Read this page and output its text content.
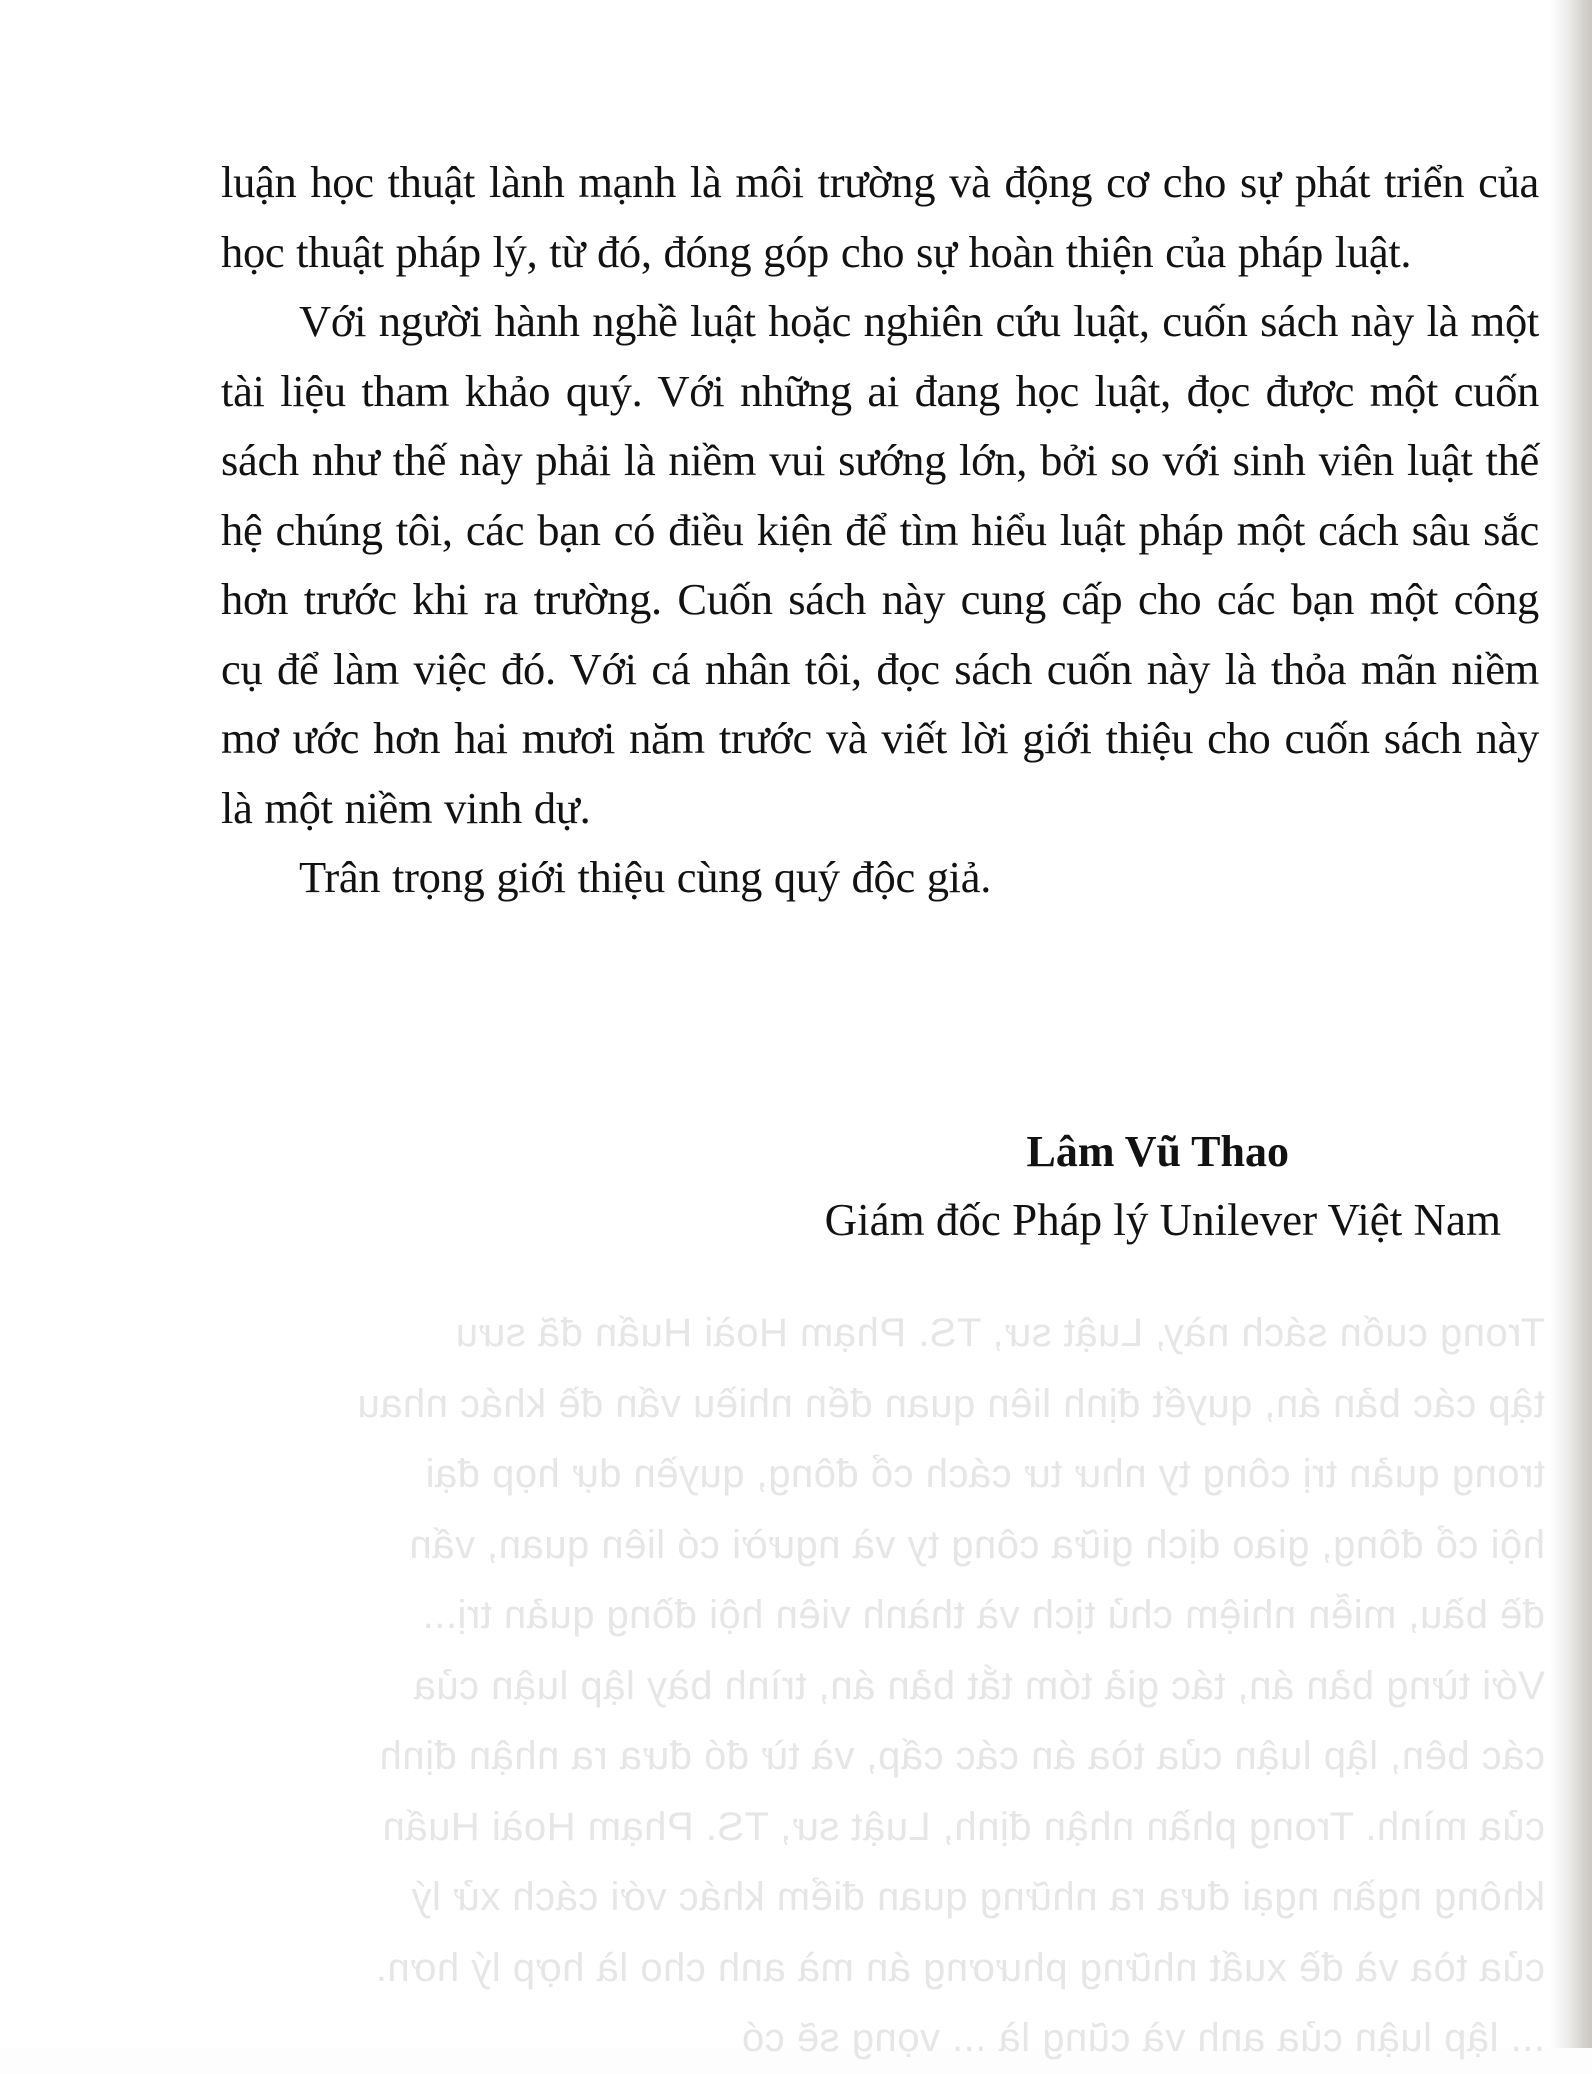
Trong cuốn sách này, Luật sư, TS. Phạm Hoài Huấn đã sưu

tập các bản án, quyết định liên quan đến nhiều vấn đề khác nhau

trong quản trị công ty như tư cách cổ đông, quyền dự họp đại

hội cổ đông, giao dịch giữa công ty và người có liên quan, vấn

đề bầu, miễn nhiệm chủ tịch và thành viên hội đồng quản trị...

Với từng bản án, tác giả tóm tắt bản án, trình bày lập luận của

các bên, lập luận của tòa án các cấp, và từ đó đưa ra nhận định

của mình. Trong phần nhận định, Luật sư, TS. Phạm Hoài Huấn

không ngần ngại đưa ra những quan điểm khác với cách xử lý

của tòa và đề xuất những phương án mà anh cho là hợp lý hơn.

... lập luận của anh và cũng là ... vọng sẽ có

luận học thuật lành mạnh là môi trường và động cơ cho sự phát triển của học thuật pháp lý, từ đó, đóng góp cho sự hoàn thiện của pháp luật.

Với người hành nghề luật hoặc nghiên cứu luật, cuốn sách này là một tài liệu tham khảo quý. Với những ai đang học luật, đọc được một cuốn sách như thế này phải là niềm vui sướng lớn, bởi so với sinh viên luật thế hệ chúng tôi, các bạn có điều kiện để tìm hiểu luật pháp một cách sâu sắc hơn trước khi ra trường. Cuốn sách này cung cấp cho các bạn một công cụ để làm việc đó. Với cá nhân tôi, đọc sách cuốn này là thỏa mãn niềm mơ ước hơn hai mươi năm trước và viết lời giới thiệu cho cuốn sách này là một niềm vinh dự.

Trân trọng giới thiệu cùng quý độc giả.

Lâm Vũ Thao
Giám đốc Pháp lý Unilever Việt Nam
